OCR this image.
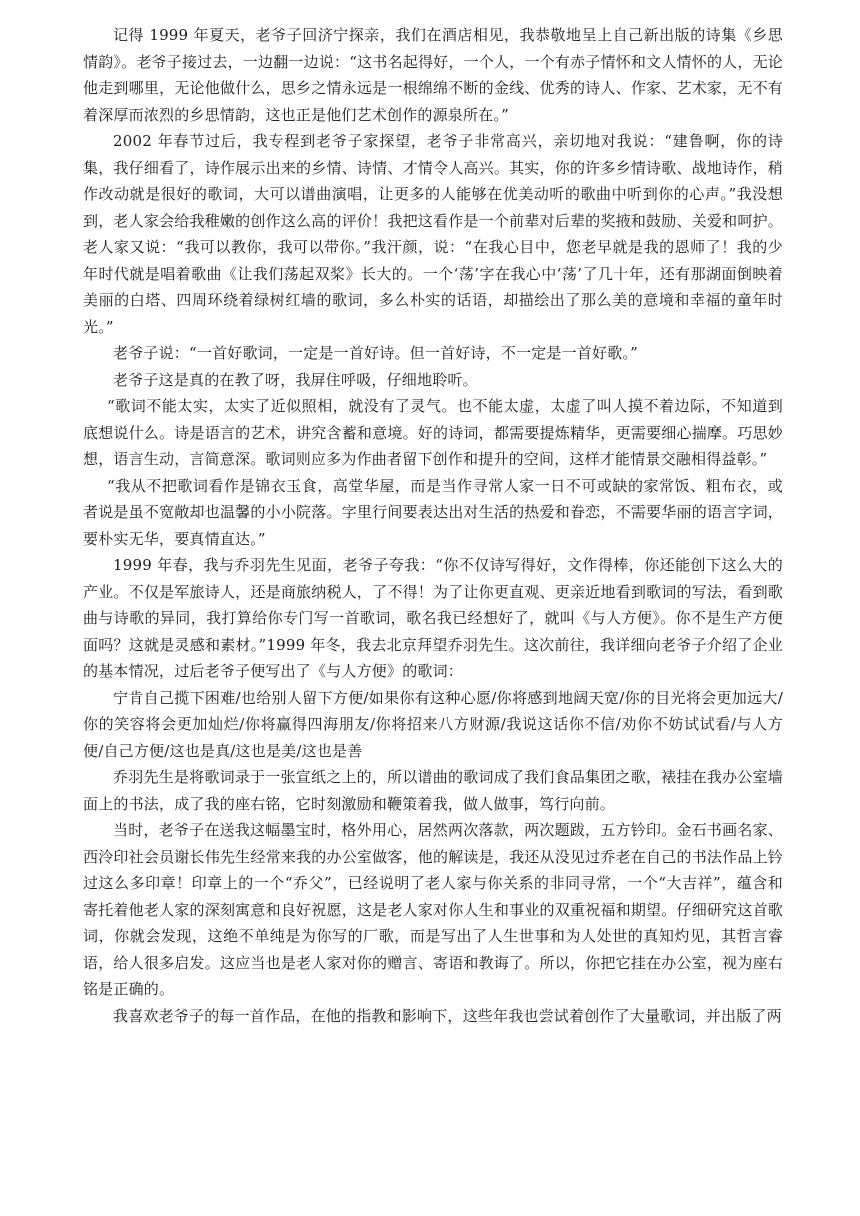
记得 1999 年夏天，老爷子回济宁探亲，我们在酒店相见，我恭敬地呈上自己新出版的诗集《乡思情韵》。老爷子接过去，一边翻一边说：“这书名起得好，一个人，一个有赤子情怀和文人情怀的人，无论他走到哪里，无论他做什么，思乡之情永远是一根绵绵不断的金线、优秀的诗人、作家、艺术家，无不有着深厚而浓烈的乡思情韵，这也正是他们艺术创作的源泉所在。”

2002 年春节过后，我专程到老爷子家探望，老爷子非常高兴，亲切地对我说：“建鲁啊，你的诗集，我仔细看了，诗作展示出来的乡情、诗情、才情令人高兴。其实，你的许多乡情诗歌、战地诗作，稍作改动就是很好的歌词，大可以谱曲演唱，让更多的人能够在优美动听的歌曲中听到你的心声。”我没想到，老人家会给我稚嫩的创作这么高的评价！我把这看作是一个前辈对后辈的奖掖和鼓励、关爱和呵护。老人家又说：“我可以教你，我可以带你。”我汗颜，说：“在我心目中，您老早就是我的恩师了！我的少年时代就是唱着歌曲《让我们荡起双桨》长大的。一个‘荡’字在我心中‘荡’了几十年，还有那湖面倒映着美丽的白塔、四周环绕着绿树红墙的歌词，多么朴实的话语，却描绘出了那么美的意境和幸福的童年时光。”

老爷子说：“一首好歌词，一定是一首好诗。但一首好诗，不一定是一首好歌。”

老爷子这是真的在教了呀，我屏住呼吸，仔细地聆听。

“歌词不能太实，太实了近似照相，就没有了灵气。也不能太虚，太虚了叫人摸不着边际，不知道到底想说什么。诗是语言的艺术，讲究含蓄和意境。好的诗词，都需要提炼精华，更需要细心揣摩。巧思妙想，语言生动，言简意深。歌词则应多为作曲者留下创作和提升的空间，这样才能情景交融相得益彰。”

“我从不把歌词看作是锦衣玉食，高堂华屋，而是当作寻常人家一日不可或缺的家常饭、粗布衣，或者说是虽不宽敞却也温馨的小小院落。字里行间要表达出对生活的热爱和眷恋，不需要华丽的语言字词，要朴实无华，要真情直达。”

1999 年春，我与乔羽先生见面，老爷子夸我：“你不仅诗写得好，文作得棒，你还能创下这么大的产业。不仅是军旅诗人，还是商旅纳税人，了不得！为了让你更直观、更亲近地看到歌词的写法，看到歌曲与诗歌的异同，我打算给你专门写一首歌词，歌名我已经想好了，就叫《与人方便》。你不是生产方便面吗？这就是灵感和素材。”1999 年冬，我去北京拜望乔羽先生。这次前往，我详细向老爷子介绍了企业的基本情况，过后老爷子便写出了《与人方便》的歌词：

宁肯自己揽下困难/也给别人留下方便/如果你有这种心愿/你将感到地阔天宽/你的目光将会更加远大/你的笑容将会更加灿烂/你将赢得四海朋友/你将招来八方财源/我说这话你不信/劝你不妨试试看/与人方便/自己方便/这也是真/这也是美/这也是善

乔羽先生是将歌词录于一张宣纸之上的，所以谱曲的歌词成了我们食品集团之歌，裱挂在我办公室墙面上的书法，成了我的座右铭，它时刻激励和鞭策着我，做人做事，笃行向前。

当时，老爷子在送我这幅墨宝时，格外用心，居然两次落款，两次题跋，五方钤印。金石书画名家、西泠印社会员谢长伟先生经常来我的办公室做客，他的解读是，我还从没见过乔老在自己的书法作品上钤过这么多印章！印章上的一个“乔父”，已经说明了老人家与你关系的非同寻常，一个“大吉祥”，蕴含和寄托着他老人家的深刻寓意和良好祝愿，这是老人家对你人生和事业的双重祝福和期望。仔细研究这首歌词，你就会发现，这绝不单纯是为你写的厂歌，而是写出了人生世事和为人处世的真知灼见，其哲言睿语，给人很多启发。这应当也是老人家对你的赠言、寄语和教诲了。所以，你把它挂在办公室，视为座右铭是正确的。

我喜欢老爷子的每一首作品，在他的指教和影响下，这些年我也尝试着创作了大量歌词，并出版了两
